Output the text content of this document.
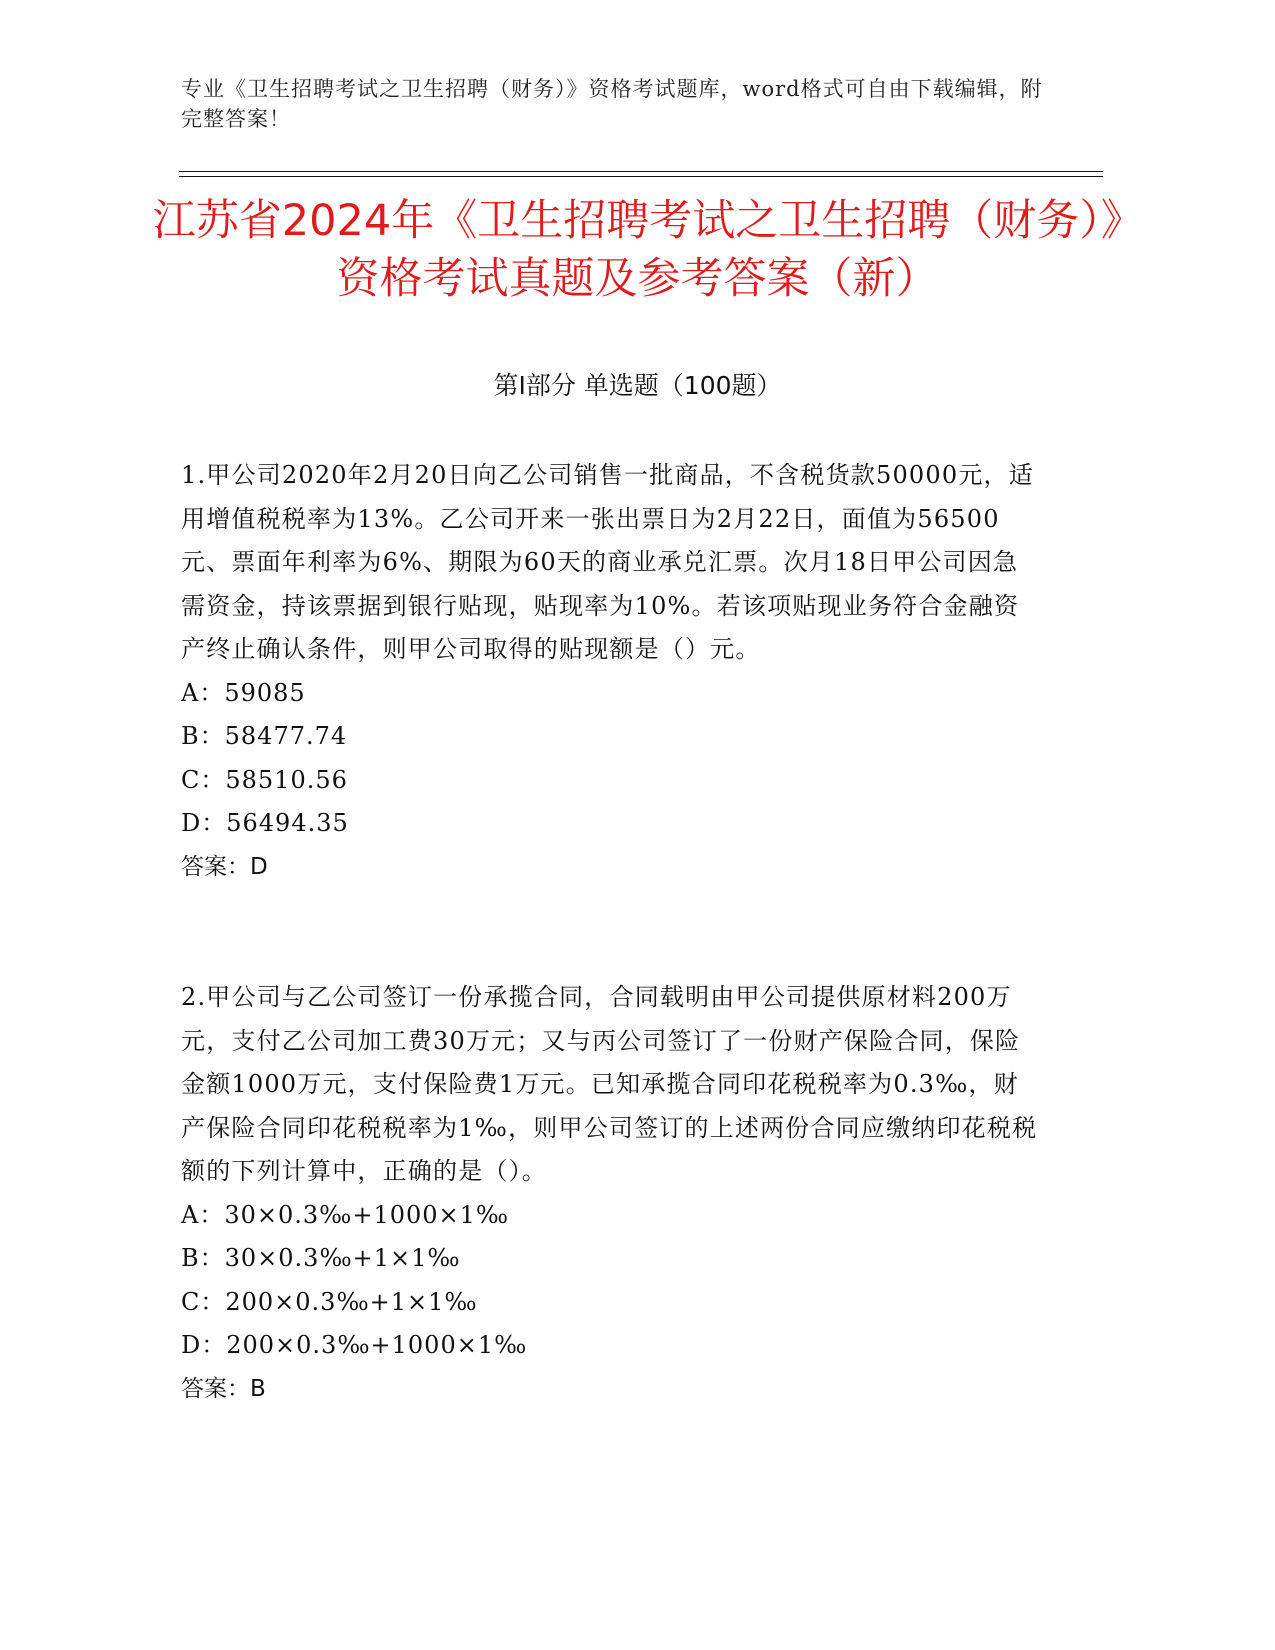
专业《卫生招聘考试之卫生招聘（财务）》资格考试题库，word格式可自由下载编辑，附完整答案！
江苏省2024年《卫生招聘考试之卫生招聘（财务）》资格考试真题及参考答案（新）
第Ⅰ部分 单选题（100题）

1.甲公司2020年2月20日向乙公司销售一批商品，不含税货款50000元，适用增值税税率为13%。乙公司开来一张出票日为2月22日，面值为56500元、票面年利率为6%、期限为60天的商业承兑汇票。次月18日甲公司因急需资金，持该票据到银行贴现，贴现率为10%。若该项贴现业务符合金融资产终止确认条件，则甲公司取得的贴现额是（）元。

A：59085

B：58477.74

C：58510.56

D：56494.35

答案：D

2.甲公司与乙公司签订一份承揽合同，合同载明由甲公司提供原材料200万元，支付乙公司加工费30万元；又与丙公司签订了一份财产保险合同，保险金额1000万元，支付保险费1万元。已知承揽合同印花税税率为0.3‰，财产保险合同印花税税率为1‰，则甲公司签订的上述两份合同应缴纳印花税税额的下列计算中，正确的是（）。

A：30×0.3‰+1000×1‰

B：30×0.3‰+1×1‰

C：200×0.3‰+1×1‰

D：200×0.3‰+1000×1‰

答案：B
